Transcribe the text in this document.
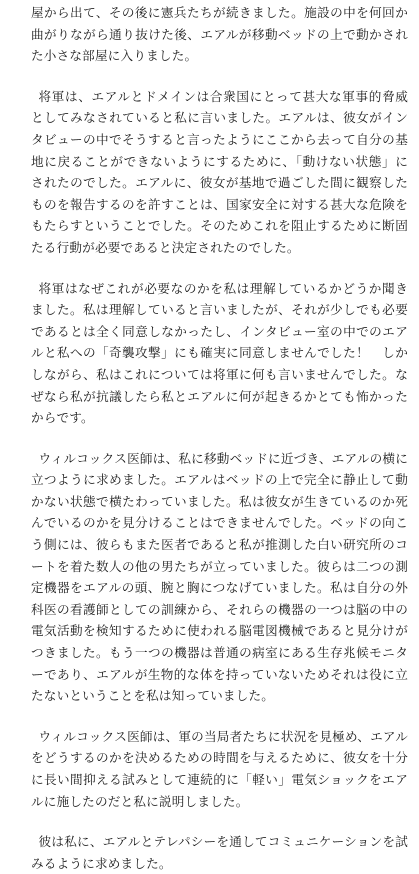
屋から出て、その後に憲兵たちが続きました。施設の中を何回か曲がりながら通り抜けた後、エアルが移動ベッドの上で動かされた小さな部屋に入りました。

将軍は、エアルとドメインは合衆国にとって甚大な軍事的脅威としてみなされていると私に言いました。エアルは、彼女がインタビューの中でそうすると言ったようにここから去って自分の基地に戻ることができないようにするために、「動けない状態」にされたのでした。エアルに、彼女が基地で過ごした間に観察したものを報告するのを許すことは、国家安全に対する甚大な危険をもたらすということでした。そのためこれを阻止するために断固たる行動が必要であると決定されたのでした。

将軍はなぜこれが必要なのかを私は理解しているかどうか聞きました。私は理解していると言いましたが、それが少しでも必要であるとは全く同意しなかったし、インタビュー室の中でのエアルと私への「奇襲攻撃」にも確実に同意しませんでした！　しかしながら、私はこれについては将軍に何も言いませんでした。なぜなら私が抗議したら私とエアルに何が起きるかとても怖かったからです。

ウィルコックス医師は、私に移動ベッドに近づき、エアルの横に立つように求めました。エアルはベッドの上で完全に静止して動かない状態で横たわっていました。私は彼女が生きているのか死んでいるのかを見分けることはできませんでした。ベッドの向こう側には、彼らもまた医者であると私が推測した白い研究所のコートを着た数人の他の男たちが立っていました。彼らは二つの測定機器をエアルの頭、腕と胸につなげていました。私は自分の外科医の看護師としての訓練から、それらの機器の一つは脳の中の電気活動を検知するために使われる脳電図機械であると見分けがつきました。もう一つの機器は普通の病室にある生存兆候モニターであり、エアルが生物的な体を持っていないためそれは役に立たないということを私は知っていました。

ウィルコックス医師は、軍の当局者たちに状況を見極め、エアルをどうするのかを決めるための時間を与えるために、彼女を十分に長い間抑える試みとして連続的に「軽い」電気ショックをエアルに施したのだと私に説明しました。

彼は私に、エアルとテレパシーを通してコミュニケーションを試みるように求めました。
